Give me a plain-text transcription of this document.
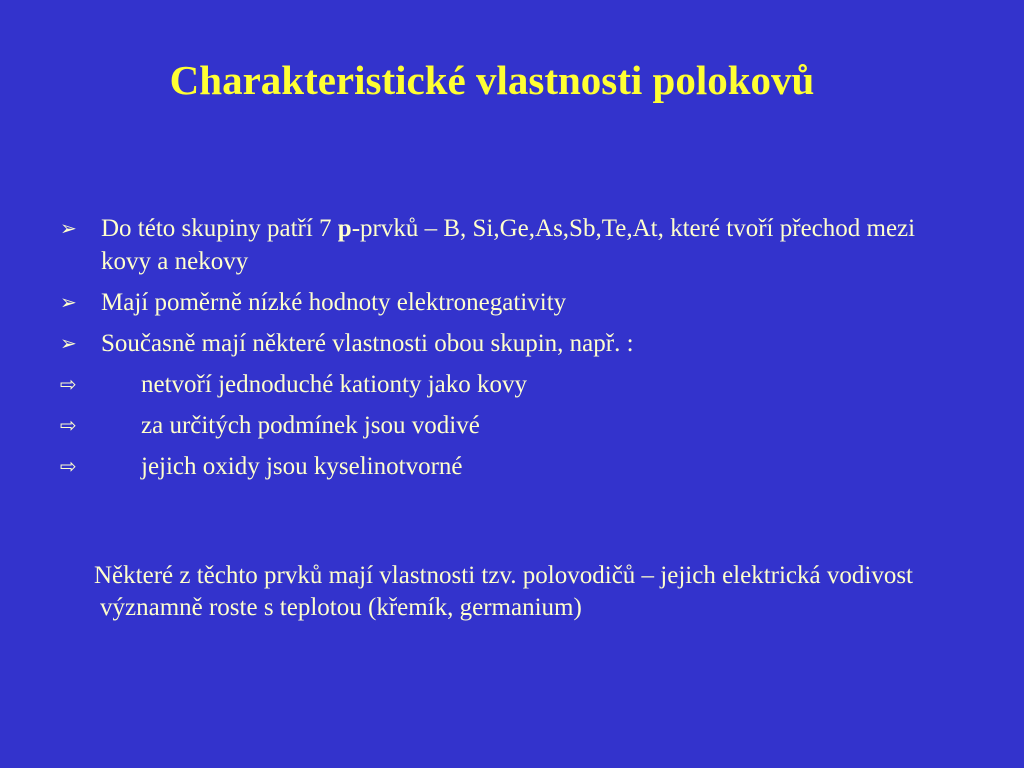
Charakteristické vlastnosti polokovů
➢ Do této skupiny patří 7 p-prvků – B, Si,Ge,As,Sb,Te,At, které tvoří přechod mezi kovy a nekovy
➢ Mají poměrně nízké hodnoty elektronegativity
➢ Současně mají některé vlastnosti obou skupin, např. :
⇨	netvoří jednoduché kationty jako kovy
⇨	za určitých podmínek jsou vodivé
⇨	jejich oxidy jsou kyselinotvorné

Některé z těchto prvků mají vlastnosti tzv. polovodičů – jejich elektrická vodivost významně roste s teplotou (křemík, germanium)
